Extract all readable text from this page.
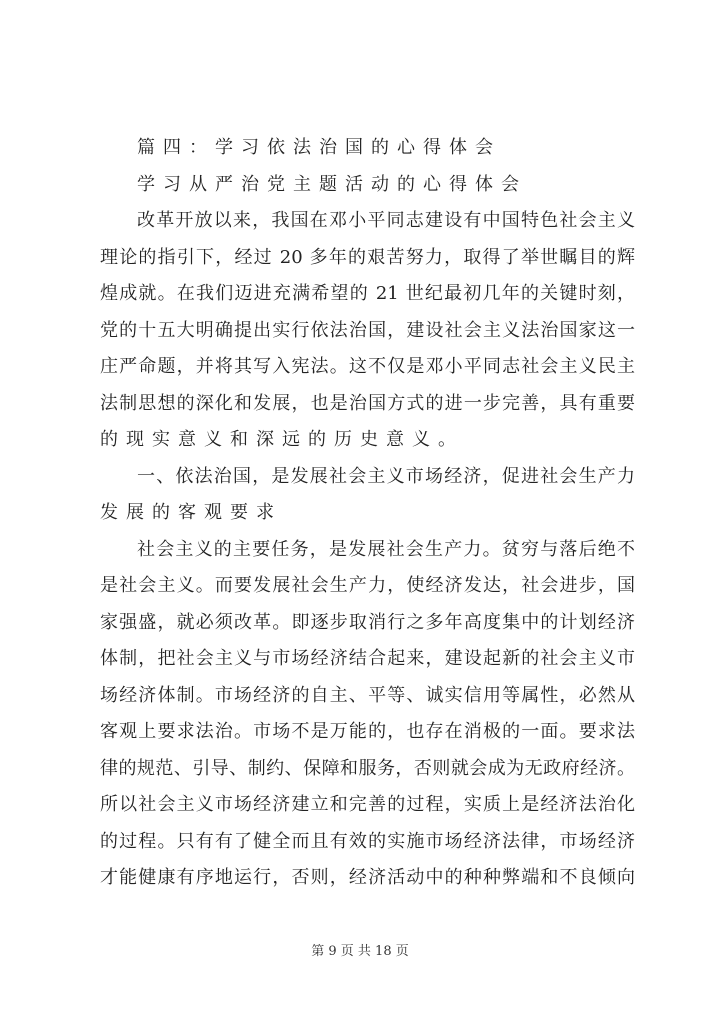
篇四：学习依法治国的心得体会
学习从严治党主题活动的心得体会
改革开放以来，我国在邓小平同志建设有中国特色社会主义
理论的指引下，经过 20 多年的艰苦努力，取得了举世瞩目的辉
煌成就。在我们迈进充满希望的 21 世纪最初几年的关键时刻，
党的十五大明确提出实行依法治国，建设社会主义法治国家这一
庄严命题，并将其写入宪法。这不仅是邓小平同志社会主义民主
法制思想的深化和发展，也是治国方式的进一步完善，具有重要
的现实意义和深远的历史意义。
一、依法治国，是发展社会主义市场经济，促进社会生产力
发展的客观要求
社会主义的主要任务，是发展社会生产力。贫穷与落后绝不
是社会主义。而要发展社会生产力，使经济发达，社会进步，国
家强盛，就必须改革。即逐步取消行之多年高度集中的计划经济
体制，把社会主义与市场经济结合起来，建设起新的社会主义市
场经济体制。市场经济的自主、平等、诚实信用等属性，必然从
客观上要求法治。市场不是万能的，也存在消极的一面。要求法
律的规范、引导、制约、保障和服务，否则就会成为无政府经济。
所以社会主义市场经济建立和完善的过程，实质上是经济法治化
的过程。只有有了健全而且有效的实施市场经济法律，市场经济
才能健康有序地运行，否则，经济活动中的种种弊端和不良倾向
第 9 页 共 18 页
